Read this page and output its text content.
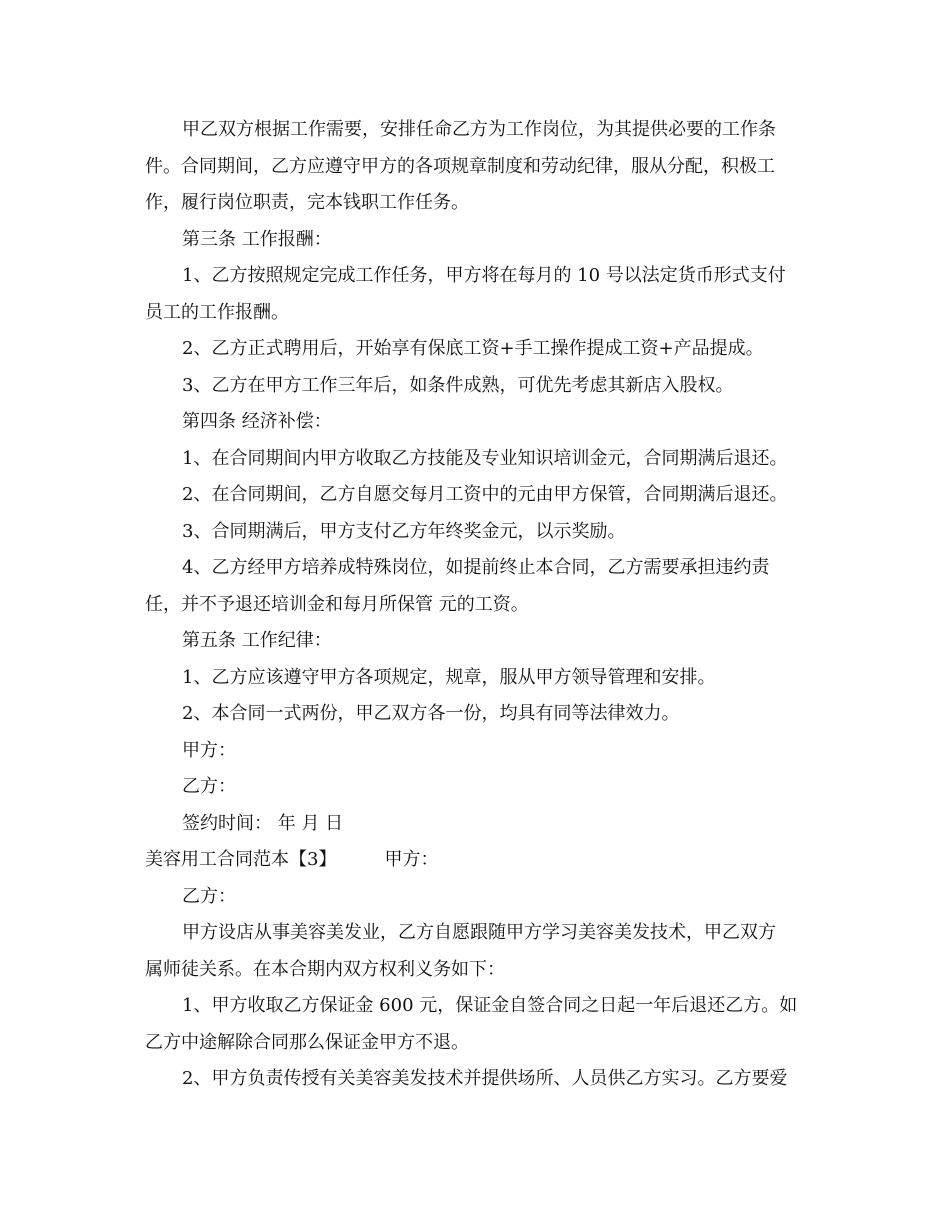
甲乙双方根据工作需要，安排任命乙方为工作岗位，为其提供必要的工作条

件。合同期间，乙方应遵守甲方的各项规章制度和劳动纪律，服从分配，积极工

作，履行岗位职责，完本钱职工作任务。

第三条 工作报酬：

1、乙方按照规定完成工作任务，甲方将在每月的 10 号以法定货币形式支付

员工的工作报酬。

2、乙方正式聘用后，开始享有保底工资+手工操作提成工资+产品提成。

3、乙方在甲方工作三年后，如条件成熟，可优先考虑其新店入股权。

第四条 经济补偿：

1、在合同期间内甲方收取乙方技能及专业知识培训金元，合同期满后退还。

2、在合同期间，乙方自愿交每月工资中的元由甲方保管，合同期满后退还。

3、合同期满后，甲方支付乙方年终奖金元，以示奖励。

4、乙方经甲方培养成特殊岗位，如提前终止本合同，乙方需要承担违约责

任，并不予退还培训金和每月所保管 元的工资。

第五条 工作纪律：

1、乙方应该遵守甲方各项规定，规章，服从甲方领导管理和安排。

2、本合同一式两份，甲乙双方各一份，均具有同等法律效力。

甲方：

乙方：

签约时间： 年 月 日

美容用工合同范本【3】	甲方：

乙方：

甲方设店从事美容美发业，乙方自愿跟随甲方学习美容美发技术，甲乙双方

属师徒关系。在本合期内双方权利义务如下：

1、甲方收取乙方保证金 600 元，保证金自签合同之日起一年后退还乙方。如

乙方中途解除合同那么保证金甲方不退。

2、甲方负责传授有关美容美发技术并提供场所、人员供乙方实习。乙方要爱
